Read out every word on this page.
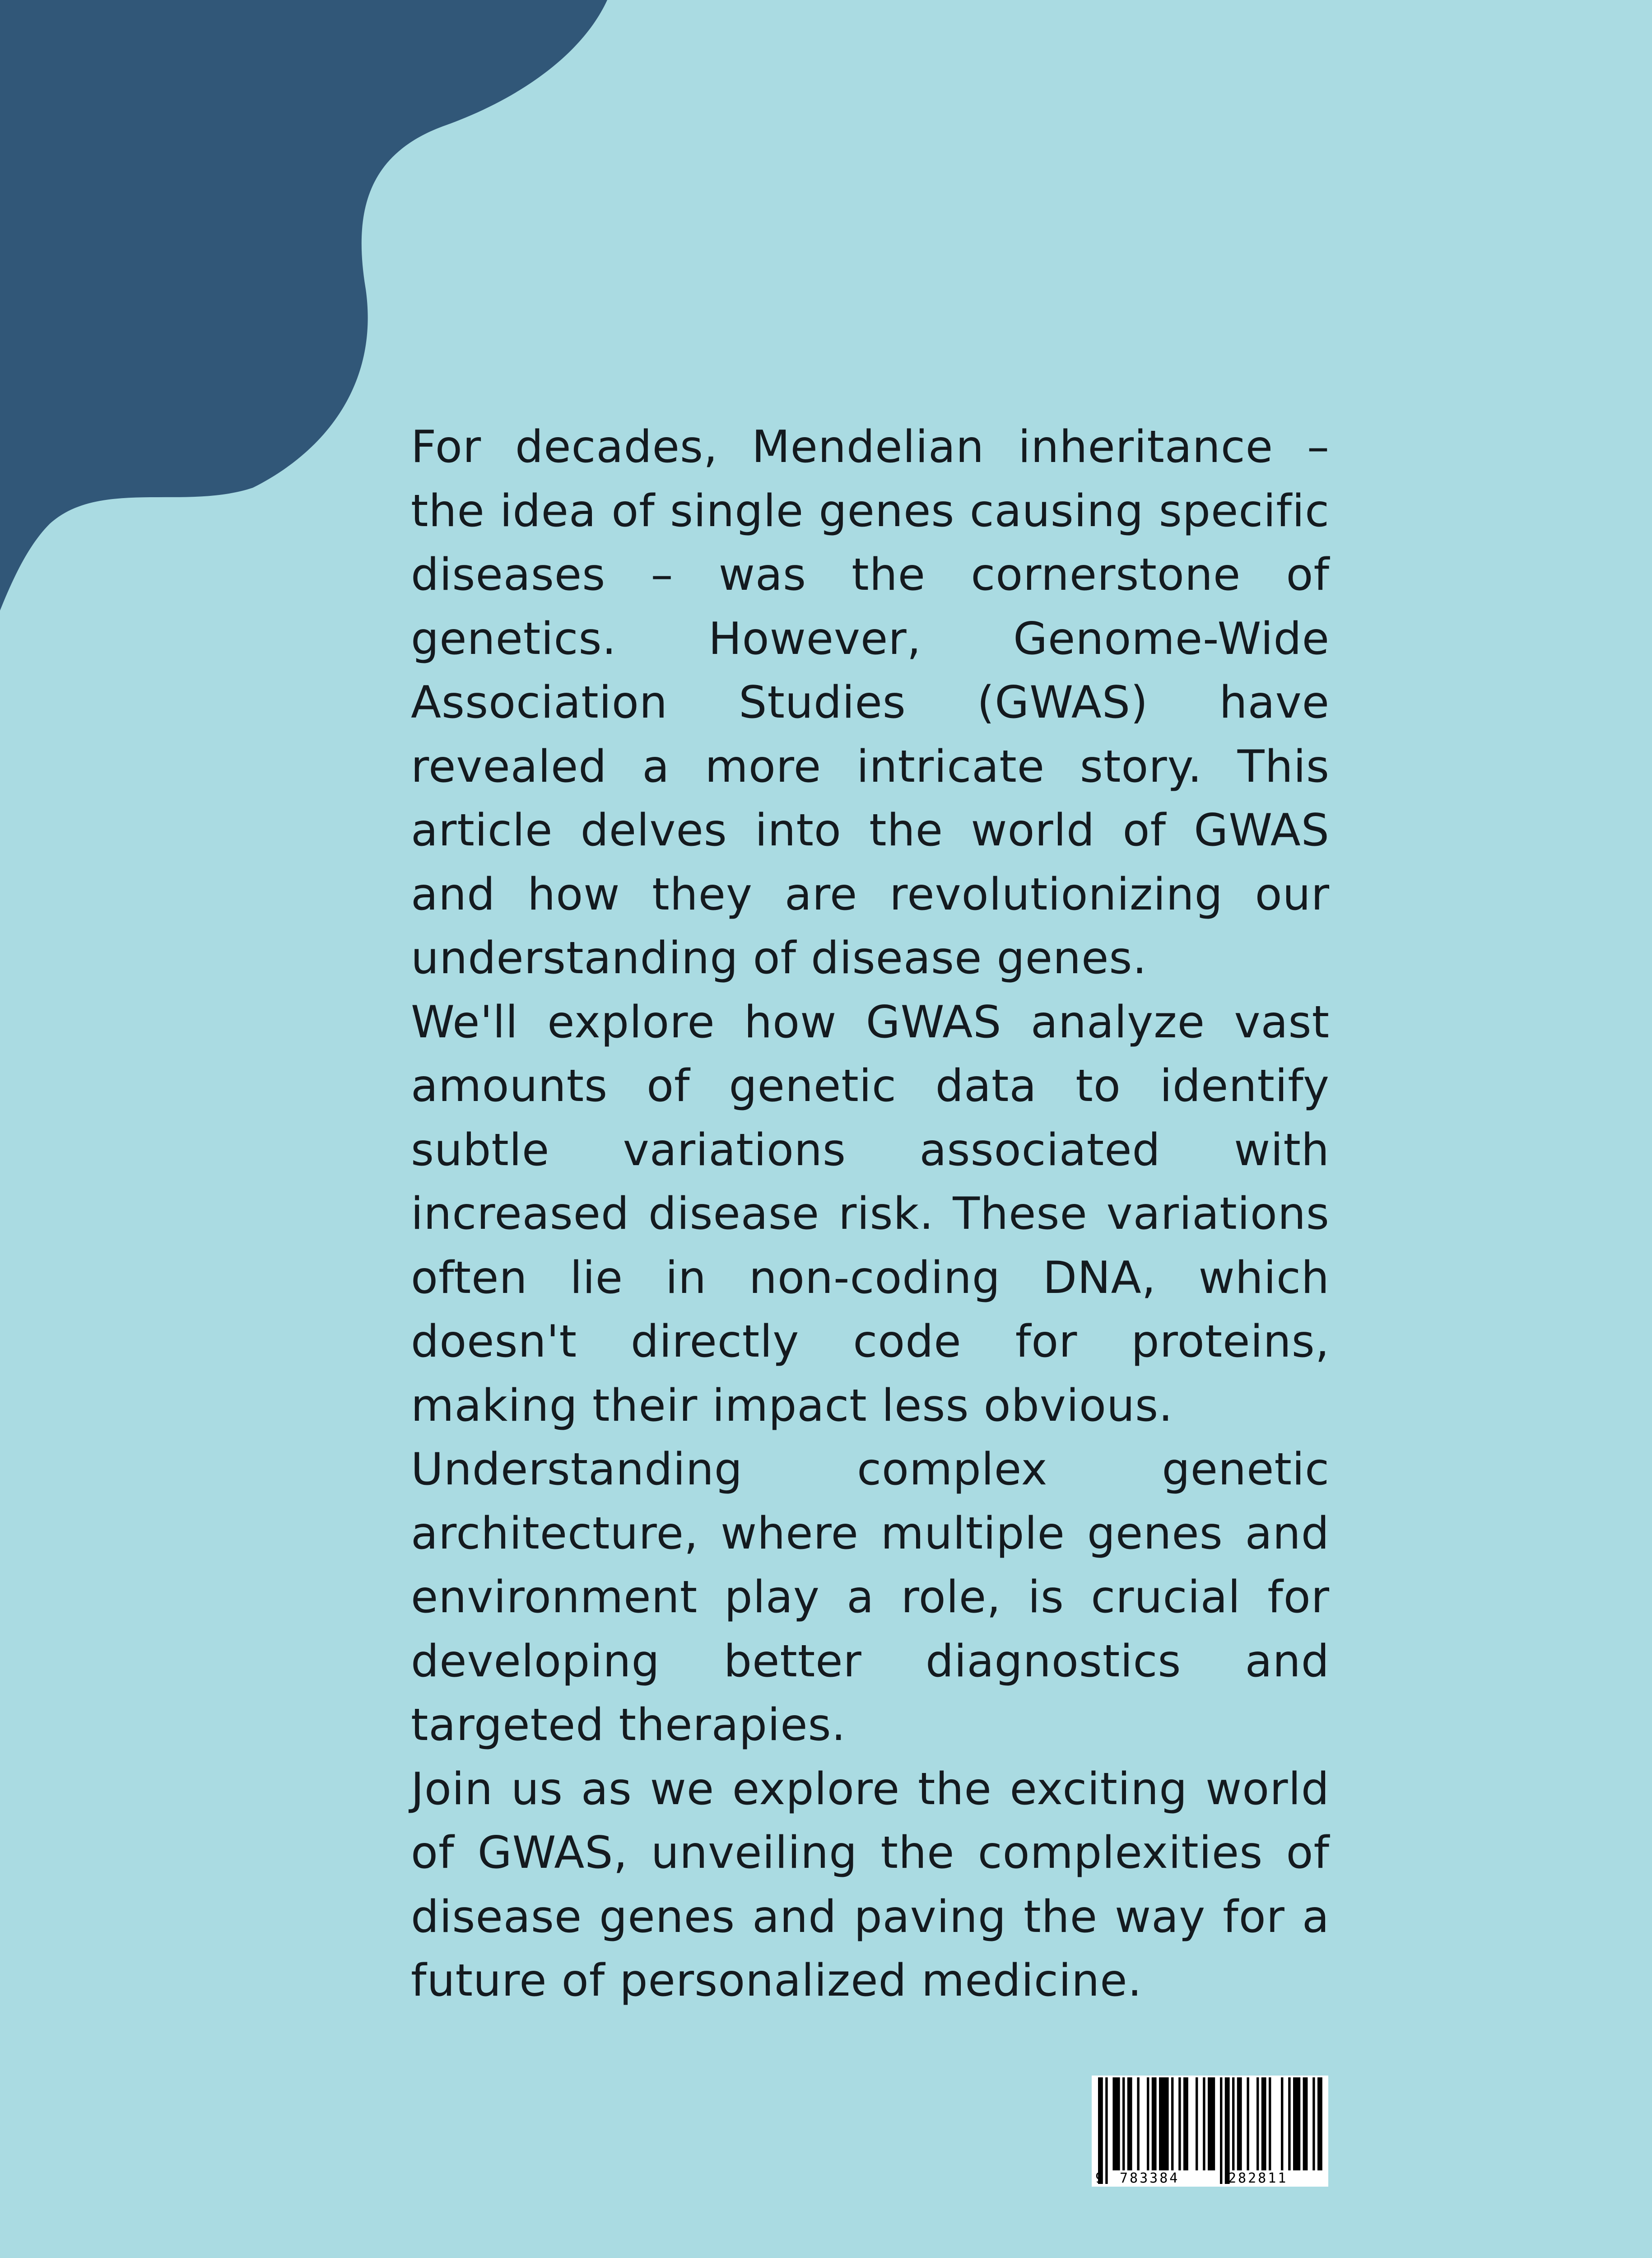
For decades, Mendelian inheritance – the idea of single genes causing specific diseases – was the cornerstone of genetics. However, Genome-Wide Association Studies (GWAS) have revealed a more intricate story. This article delves into the world of GWAS and how they are revolutionizing our understanding of disease genes.

We'll explore how GWAS analyze vast amounts of genetic data to identify subtle variations associated with increased disease risk. These variations often lie in non-coding DNA, which doesn't directly code for proteins, making their impact less obvious.

Understanding complex genetic architecture, where multiple genes and environment play a role, is crucial for developing better diagnostics and targeted therapies.

Join us as we explore the exciting world of GWAS, unveiling the complexities of disease genes and paving the way for a future of personalized medicine.

9 783384	282811
